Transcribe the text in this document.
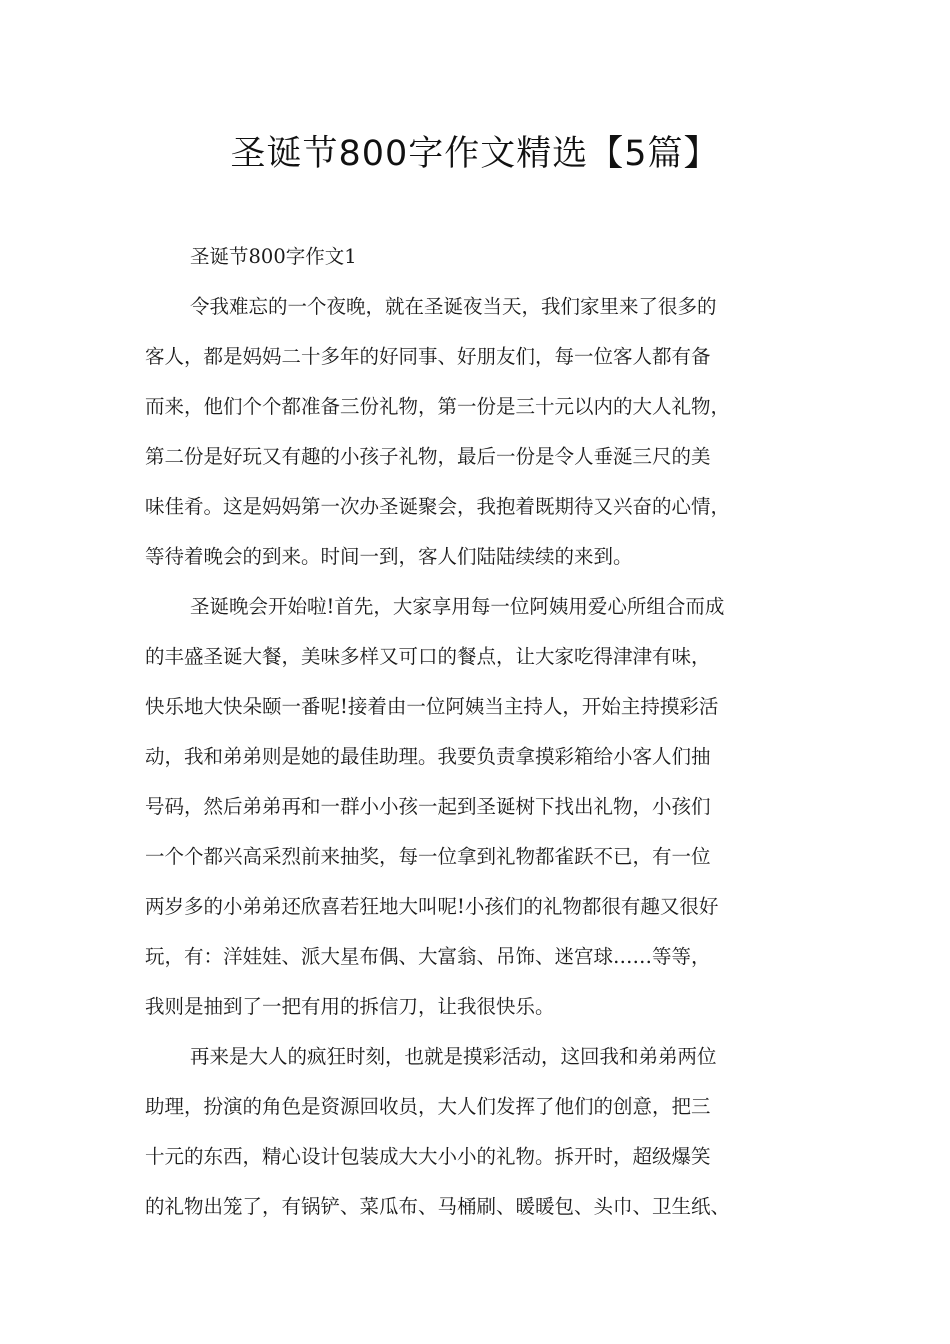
圣诞节800字作文精选【5篇】

圣诞节800字作文1

令我难忘的一个夜晚，就在圣诞夜当天，我们家里来了很多的

客人，都是妈妈二十多年的好同事、好朋友们，每一位客人都有备

而来，他们个个都准备三份礼物，第一份是三十元以内的大人礼物，

第二份是好玩又有趣的小孩子礼物，最后一份是令人垂涎三尺的美

味佳肴。这是妈妈第一次办圣诞聚会，我抱着既期待又兴奋的心情，

等待着晚会的到来。时间一到，客人们陆陆续续的来到。

圣诞晚会开始啦!首先，大家享用每一位阿姨用爱心所组合而成

的丰盛圣诞大餐，美味多样又可口的餐点，让大家吃得津津有味，

快乐地大快朵颐一番呢!接着由一位阿姨当主持人，开始主持摸彩活

动，我和弟弟则是她的最佳助理。我要负责拿摸彩箱给小客人们抽

号码，然后弟弟再和一群小小孩一起到圣诞树下找出礼物，小孩们

一个个都兴高采烈前来抽奖，每一位拿到礼物都雀跃不已，有一位

两岁多的小弟弟还欣喜若狂地大叫呢!小孩们的礼物都很有趣又很好

玩，有：洋娃娃、派大星布偶、大富翁、吊饰、迷宫球……等等，

我则是抽到了一把有用的拆信刀，让我很快乐。

再来是大人的疯狂时刻，也就是摸彩活动，这回我和弟弟两位

助理，扮演的角色是资源回收员，大人们发挥了他们的创意，把三

十元的东西，精心设计包装成大大小小的礼物。拆开时，超级爆笑

的礼物出笼了，有锅铲、菜瓜布、马桶刷、暖暖包、头巾、卫生纸、
